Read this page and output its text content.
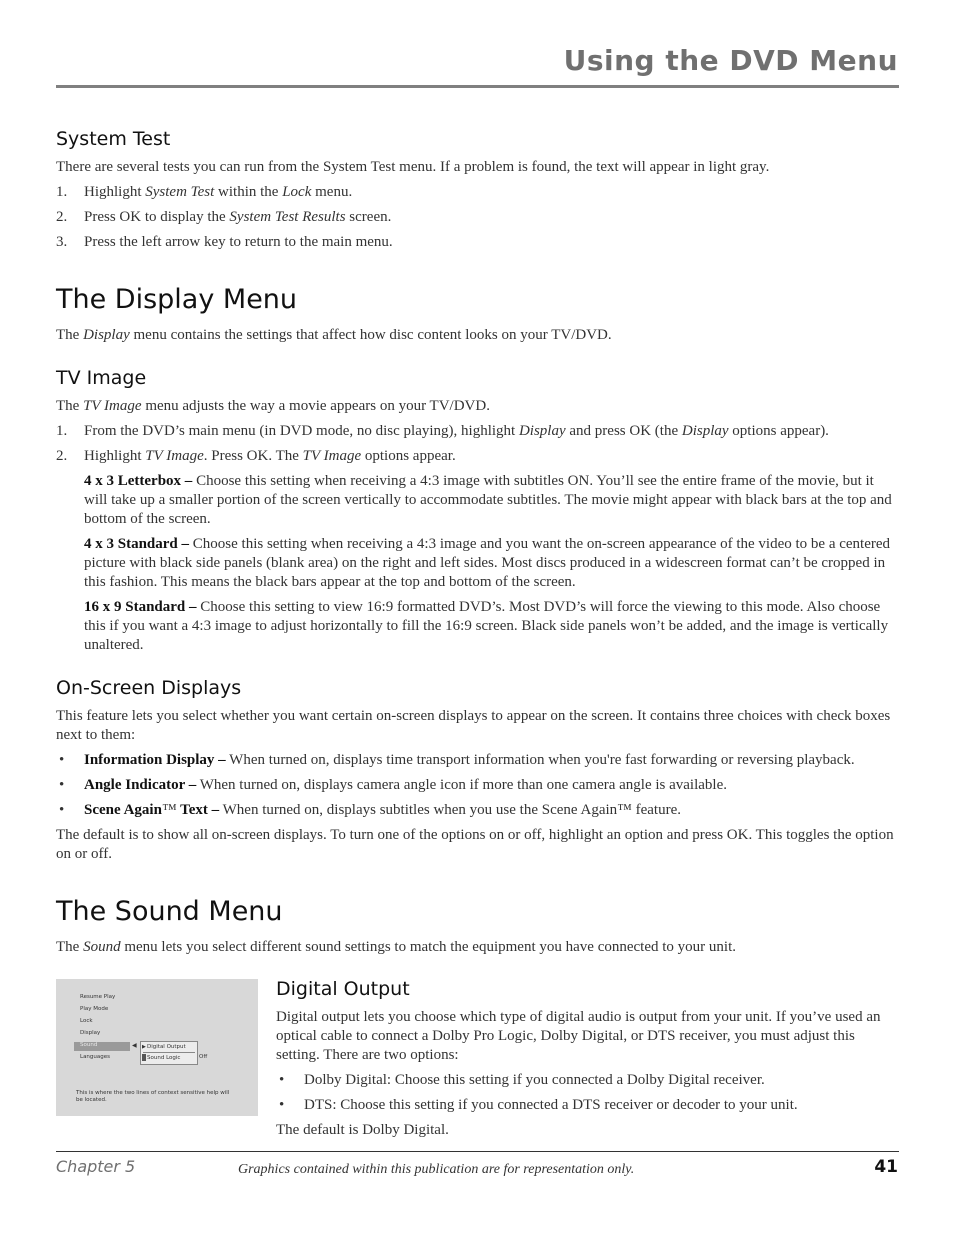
Using the DVD Menu
System Test

There are several tests you can run from the System Test menu. If a problem is found, the text will appear in light gray.

1. Highlight System Test within the Lock menu.
2. Press OK to display the System Test Results screen.
3. Press the left arrow key to return to the main menu.
The Display Menu

The Display menu contains the settings that affect how disc content looks on your TV/DVD.

TV Image

The TV Image menu adjusts the way a movie appears on your TV/DVD.

1. From the DVD’s main menu (in DVD mode, no disc playing), highlight Display and press OK (the Display options appear).
2. Highlight TV Image. Press OK. The TV Image options appear.

4 x 3 Letterbox – Choose this setting when receiving a 4:3 image with subtitles ON. You’ll see the entire frame of the movie, but it will take up a smaller portion of the screen vertically to accommodate subtitles. The movie might appear with black bars at the top and bottom of the screen.

4 x 3 Standard – Choose this setting when receiving a 4:3 image and you want the on-screen appearance of the video to be a centered picture with black side panels (blank area) on the right and left sides. Most discs produced in a widescreen format can’t be cropped in this fashion. This means the black bars appear at the top and bottom of the screen.

16 x 9 Standard – Choose this setting to view 16:9 formatted DVD’s. Most DVD’s will force the viewing to this mode. Also choose this if you want a 4:3 image to adjust horizontally to fill the 16:9 screen. Black side panels won’t be added, and the image is vertically unaltered.

On-Screen Displays

This feature lets you select whether you want certain on-screen displays to appear on the screen. It contains three choices with check boxes next to them:

• Information Display – When turned on, displays time transport information when you're fast forwarding or reversing playback.
• Angle Indicator – When turned on, displays camera angle icon if more than one camera angle is available.
• Scene Again™ Text – When turned on, displays subtitles when you use the Scene Again™ feature.

The default is to show all on-screen displays. To turn one of the options on or off, highlight an option and press OK. This toggles the option on or off.

The Sound Menu

The Sound menu lets you select different sound settings to match the equipment you have connected to your unit.

Resume Play
Play Mode
Lock
Display
Sound
Languages
◀ ▶ Digital Output
Sound Logic	Off
This is where the two lines of context sensitive help will be located.
Digital Output

Digital output lets you choose which type of digital audio is output from your unit. If you’ve used an optical cable to connect a Dolby Pro Logic, Dolby Digital, or DTS receiver, you must adjust this setting. There are two options:

• Dolby Digital: Choose this setting if you connected a Dolby Digital receiver.
• DTS: Choose this setting if you connected a DTS receiver or decoder to your unit.

The default is Dolby Digital.

Chapter 5	Graphics contained within this publication are for representation only.	41
